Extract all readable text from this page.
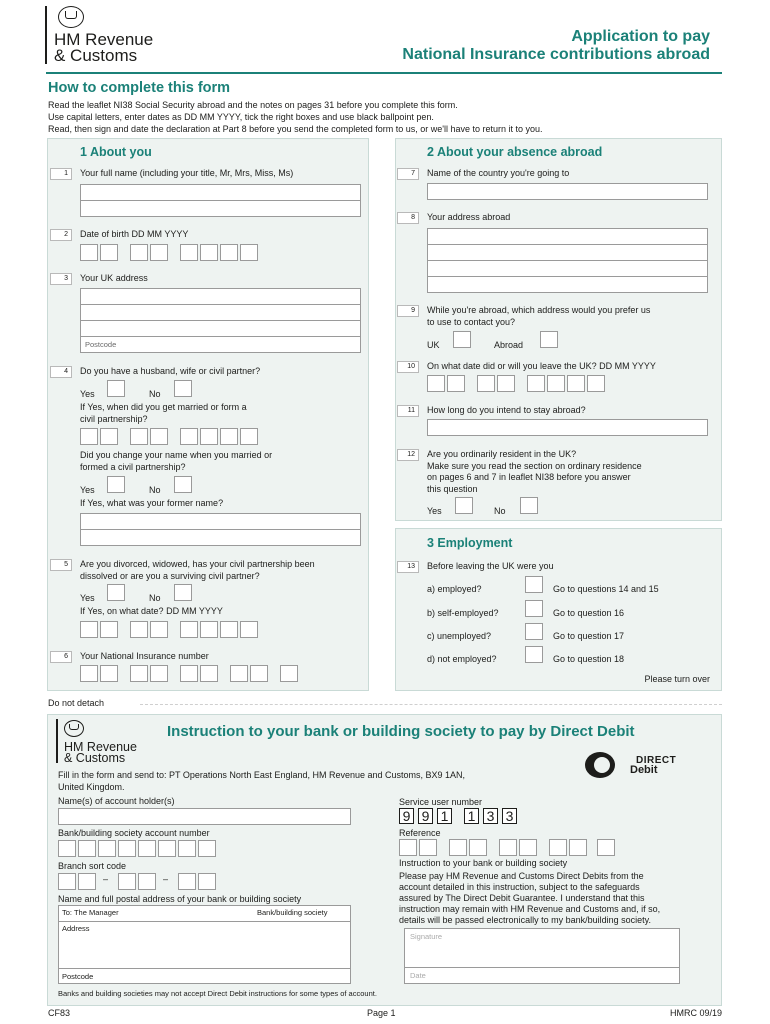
HM Revenue
& Customs
Application to pay
National Insurance contributions abroad
How to complete this form
Read the leaflet NI38 Social Security abroad and the notes on pages 31 before you complete this form.
Use capital letters, enter dates as DD MM YYYY, tick the right boxes and use black ballpoint pen.
Read, then sign and date the declaration at Part 8 before you send the completed form to us, or we'll have to return it to you.
1 About you
1	Your full name (including your title, Mr, Mrs, Miss, Ms)
2	Date of birth DD MM YYYY
3	Your UK address
Postcode
4	Do you have a husband, wife or civil partner?
Yes	No
If Yes, when did you get married or form a
civil partnership?
Did you change your name when you married or
formed a civil partnership?
Yes	No
If Yes, what was your former name?
5	Are you divorced, widowed, has your civil partnership been
dissolved or are you a surviving civil partner?
Yes	No
If Yes, on what date? DD MM YYYY
6	Your National Insurance number
2 About your absence abroad
7	Name of the country you're going to
8	Your address abroad
9	While you're abroad, which address would you prefer us
to use to contact you?
UK	Abroad
10	On what date did or will you leave the UK? DD MM YYYY
11	How long do you intend to stay abroad?
12	Are you ordinarily resident in the UK?
Make sure you read the section on ordinary residence
on pages 6 and 7 in leaflet NI38 before you answer
this question
Yes	No
3 Employment
13	Before leaving the UK were you
a) employed?	Go to questions 14 and 15
b) self-employed?	Go to question 16
c) unemployed?	Go to question 17
d) not employed?	Go to question 18
Please turn over
Do not detach
HM Revenue
& Customs
Instruction to your bank or building society to pay by Direct Debit
Fill in the form and send to: PT Operations North East England, HM Revenue and Customs, BX9 1AN,
United Kingdom.
DIRECT
Debit
Name(s) of account holder(s)
Bank/building society account number
Branch sort code
–	–
Name and full postal address of your bank or building society
To: The Manager	Bank/building society
Address
Postcode
Service user number
9 9 1 1 3 3
Reference
Instruction to your bank or building society
Please pay HM Revenue and Customs Direct Debits from the
account detailed in this instruction, subject to the safeguards
assured by The Direct Debit Guarantee. I understand that this
instruction may remain with HM Revenue and Customs and, if so,
details will be passed electronically to my bank/building society.
Signature
Date
Banks and building societies may not accept Direct Debit instructions for some types of account.
CF83	Page 1	HMRC 09/19
